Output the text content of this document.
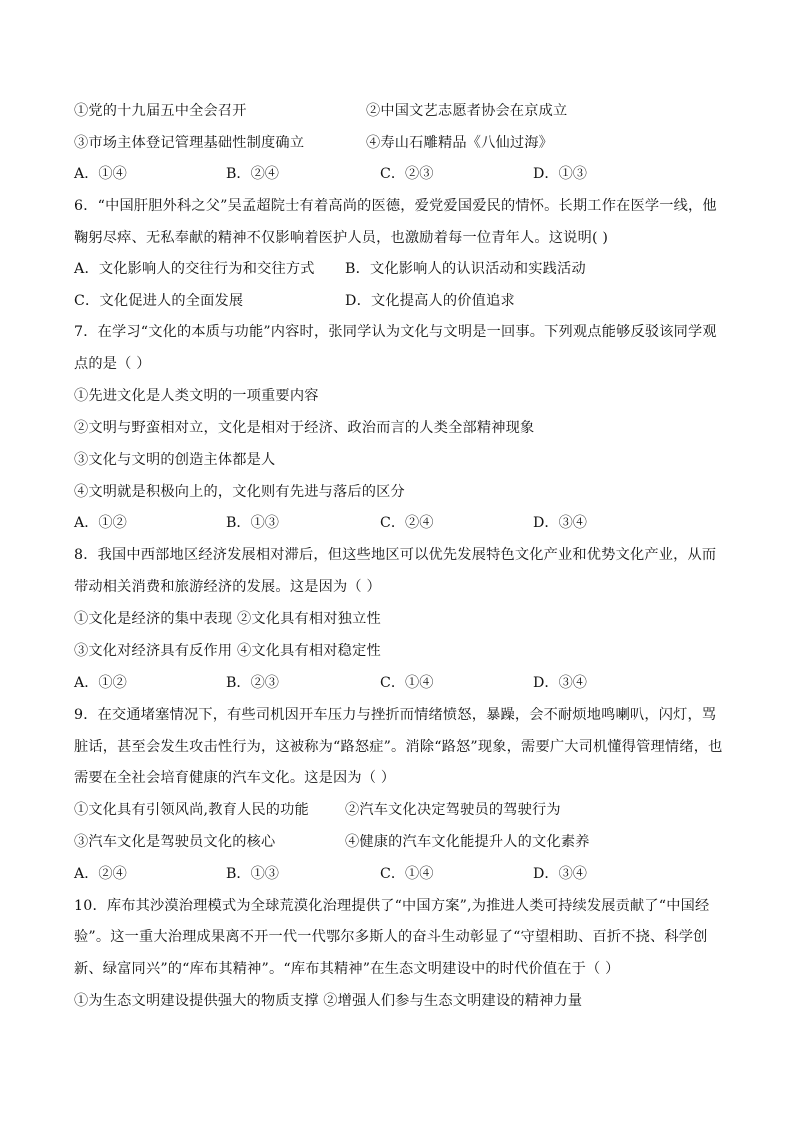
①党的十九届五中全会召开	②中国文艺志愿者协会在京成立
③市场主体登记管理基础性制度确立	④寿山石雕精品《八仙过海》
A．①④	B．②④	C．②③	D．①③
6．“中国肝胆外科之父”吴孟超院士有着高尚的医德，爱党爱国爱民的情怀。长期工作在医学一线，他
鞠躬尽瘁、无私奉献的精神不仅影响着医护人员，也激励着每一位青年人。这说明( )
A．文化影响人的交往行为和交往方式 B．文化影响人的认识活动和实践活动
C．文化促进人的全面发展	D．文化提高人的价值追求
7．在学习“文化的本质与功能”内容时，张同学认为文化与文明是一回事。下列观点能够反驳该同学观
点的是（ ）
①先进文化是人类文明的一项重要内容
②文明与野蛮相对立，文化是相对于经济、政治而言的人类全部精神现象
③文化与文明的创造主体都是人
④文明就是积极向上的，文化则有先进与落后的区分
A．①②	B．①③	C．②④	D．③④
8．我国中西部地区经济发展相对滞后，但这些地区可以优先发展特色文化产业和优势文化产业，从而
带动相关消费和旅游经济的发展。这是因为（ ）
①文化是经济的集中表现 ②文化具有相对独立性
③文化对经济具有反作用 ④文化具有相对稳定性
A．①②	B．②③	C．①④	D．③④
9．在交通堵塞情况下，有些司机因开车压力与挫折而情绪愤怒，暴躁，会不耐烦地鸣喇叭，闪灯，骂
脏话，甚至会发生攻击性行为，这被称为“路怒症”。消除“路怒”现象，需要广大司机懂得管理情绪，也
需要在全社会培育健康的汽车文化。这是因为（ ）
①文化具有引领风尚,教育人民的功能	②汽车文化决定驾驶员的驾驶行为
③汽车文化是驾驶员文化的核心	④健康的汽车文化能提升人的文化素养
A．②④	B．①③	C．①④	D．③④
10．库布其沙漠治理模式为全球荒漠化治理提供了“中国方案”,为推进人类可持续发展贡献了“中国经
验”。这一重大治理成果离不开一代一代鄂尔多斯人的奋斗生动彰显了“守望相助、百折不挠、科学创
新、绿富同兴”的“库布其精神”。“库布其精神”在生态文明建设中的时代价值在于（ ）
①为生态文明建设提供强大的物质支撑 ②增强人们参与生态文明建设的精神力量
